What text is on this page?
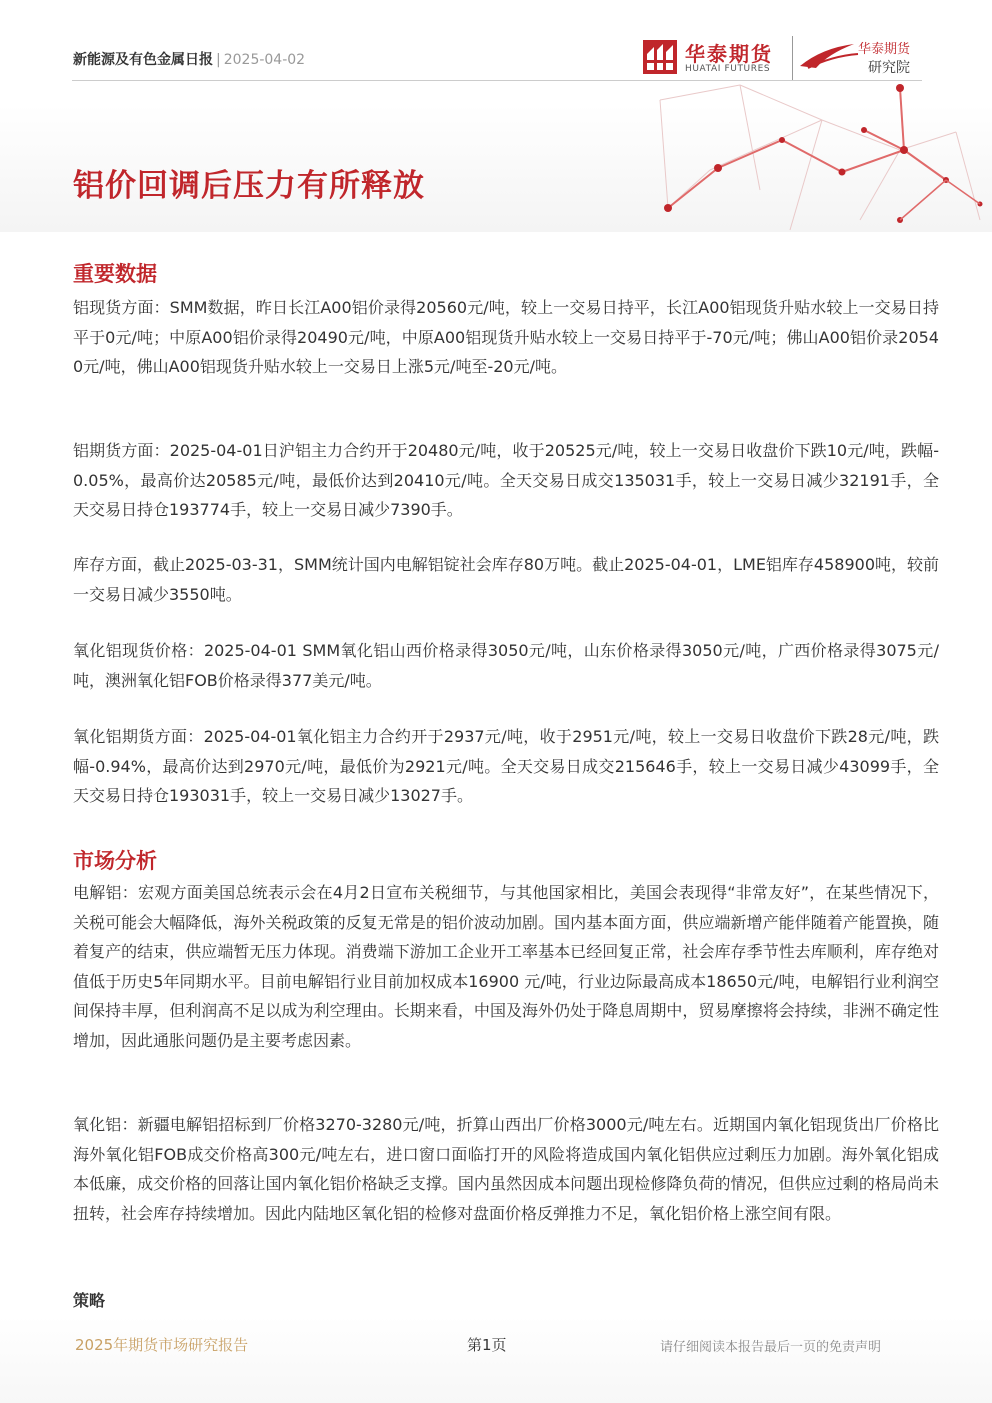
新能源及有色金属日报 | 2025-04-02	华泰期货
HUATAI FUTURES
华泰期货
研究院
铝价回调后压力有所释放
重要数据
铝现货方面：SMM数据，昨日长江A00铝价录得20560元/吨，较上一交易日持平，长江A00铝现货升贴水较上一交易日持平于0元/吨；中原A00铝价录得20490元/吨，中原A00铝现货升贴水较上一交易日持平于-70元/吨；佛山A00铝价录20540元/吨，佛山A00铝现货升贴水较上一交易日上涨5元/吨至-20元/吨。
铝期货方面：2025-04-01日沪铝主力合约开于20480元/吨，收于20525元/吨，较上一交易日收盘价下跌10元/吨，跌幅-0.05%，最高价达20585元/吨，最低价达到20410元/吨。全天交易日成交135031手，较上一交易日减少32191手，全天交易日持仓193774手，较上一交易日减少7390手。
库存方面，截止2025-03-31，SMM统计国内电解铝锭社会库存80万吨。截止2025-04-01，LME铝库存458900吨，较前一交易日减少3550吨。
氧化铝现货价格：2025-04-01 SMM氧化铝山西价格录得3050元/吨，山东价格录得3050元/吨，广西价格录得3075元/吨，澳洲氧化铝FOB价格录得377美元/吨。
氧化铝期货方面：2025-04-01氧化铝主力合约开于2937元/吨，收于2951元/吨，较上一交易日收盘价下跌28元/吨，跌幅-0.94%，最高价达到2970元/吨，最低价为2921元/吨。全天交易日成交215646手，较上一交易日减少43099手，全天交易日持仓193031手，较上一交易日减少13027手。
市场分析
电解铝：宏观方面美国总统表示会在4月2日宣布关税细节，与其他国家相比，美国会表现得“非常友好”，在某些情况下，关税可能会大幅降低，海外关税政策的反复无常是的铝价波动加剧。国内基本面方面，供应端新增产能伴随着产能置换，随着复产的结束，供应端暂无压力体现。消费端下游加工企业开工率基本已经回复正常，社会库存季节性去库顺利，库存绝对值低于历史5年同期水平。目前电解铝行业目前加权成本16900 元/吨，行业边际最高成本18650元/吨，电解铝行业利润空间保持丰厚，但利润高不足以成为利空理由。长期来看，中国及海外仍处于降息周期中，贸易摩擦将会持续，非洲不确定性增加，因此通胀问题仍是主要考虑因素。
氧化铝：新疆电解铝招标到厂价格3270-3280元/吨，折算山西出厂价格3000元/吨左右。近期国内氧化铝现货出厂价格比海外氧化铝FOB成交价格高300元/吨左右，进口窗口面临打开的风险将造成国内氧化铝供应过剩压力加剧。海外氧化铝成本低廉，成交价格的回落让国内氧化铝价格缺乏支撑。国内虽然因成本问题出现检修降负荷的情况，但供应过剩的格局尚未扭转，社会库存持续增加。因此内陆地区氧化铝的检修对盘面价格反弹推力不足，氧化铝价格上涨空间有限。
策略
2025年期货市场研究报告	第1页	请仔细阅读本报告最后一页的免责声明
